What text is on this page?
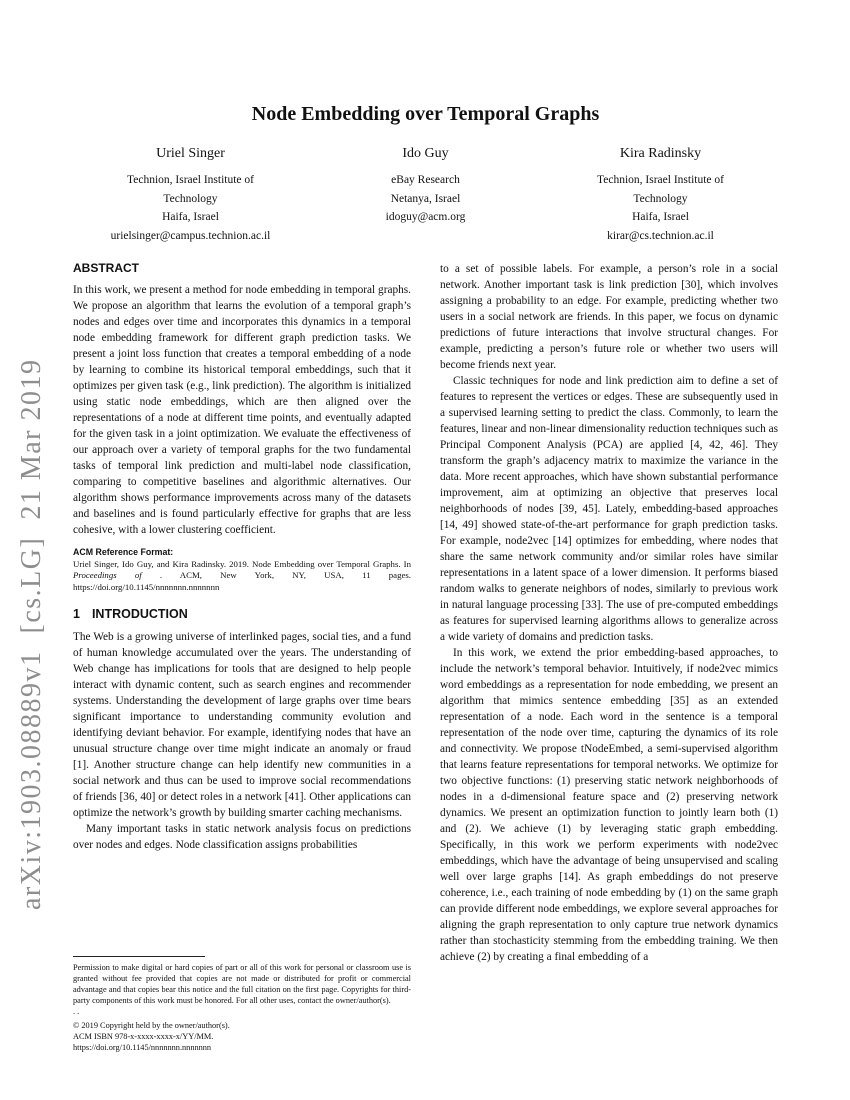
arXiv:1903.08889v1  [cs.LG]  21 Mar 2019
Node Embedding over Temporal Graphs
Uriel Singer
Technion, Israel Institute of
Technology
Haifa, Israel
urielsinger@campus.technion.ac.il
Ido Guy
eBay Research
Netanya, Israel
idoguy@acm.org
Kira Radinsky
Technion, Israel Institute of
Technology
Haifa, Israel
kirar@cs.technion.ac.il
ABSTRACT

In this work, we present a method for node embedding in temporal graphs. We propose an algorithm that learns the evolution of a temporal graph’s nodes and edges over time and incorporates this dynamics in a temporal node embedding framework for different graph prediction tasks. We present a joint loss function that creates a temporal embedding of a node by learning to combine its historical temporal embeddings, such that it optimizes per given task (e.g., link prediction). The algorithm is initialized using static node embeddings, which are then aligned over the representations of a node at different time points, and eventually adapted for the given task in a joint optimization. We evaluate the effectiveness of our approach over a variety of temporal graphs for the two fundamental tasks of temporal link prediction and multi-label node classification, comparing to competitive baselines and algorithmic alternatives. Our algorithm shows performance improvements across many of the datasets and baselines and is found particularly effective for graphs that are less cohesive, with a lower clustering coefficient.

ACM Reference Format:

Uriel Singer, Ido Guy, and Kira Radinsky. 2019. Node Embedding over Temporal Graphs. In Proceedings of . ACM, New York, NY, USA, 11 pages. https://doi.org/10.1145/nnnnnnn.nnnnnnn

1 INTRODUCTION

The Web is a growing universe of interlinked pages, social ties, and a fund of human knowledge accumulated over the years. The understanding of Web change has implications for tools that are designed to help people interact with dynamic content, such as search engines and recommender systems. Understanding the development of large graphs over time bears significant importance to understanding community evolution and identifying deviant behavior. For example, identifying nodes that have an unusual structure change over time might indicate an anomaly or fraud [1]. Another structure change can help identify new communities in a social network and thus can be used to improve social recommendations of friends [36, 40] or detect roles in a network [41]. Other applications can optimize the network’s growth by building smarter caching mechanisms.

Many important tasks in static network analysis focus on predictions over nodes and edges. Node classification assigns probabilities

Permission to make digital or hard copies of part or all of this work for personal or classroom use is granted without fee provided that copies are not made or distributed for profit or commercial advantage and that copies bear this notice and the full citation on the first page. Copyrights for third-party components of this work must be honored. For all other uses, contact the owner/author(s).

. .

© 2019 Copyright held by the owner/author(s).

ACM ISBN 978-x-xxxx-xxxx-x/YY/MM.

https://doi.org/10.1145/nnnnnnn.nnnnnnn

to a set of possible labels. For example, a person’s role in a social network. Another important task is link prediction [30], which involves assigning a probability to an edge. For example, predicting whether two users in a social network are friends. In this paper, we focus on dynamic predictions of future interactions that involve structural changes. For example, predicting a person’s future role or whether two users will become friends next year.

Classic techniques for node and link prediction aim to define a set of features to represent the vertices or edges. These are subsequently used in a supervised learning setting to predict the class. Commonly, to learn the features, linear and non-linear dimensionality reduction techniques such as Principal Component Analysis (PCA) are applied [4, 42, 46]. They transform the graph’s adjacency matrix to maximize the variance in the data. More recent approaches, which have shown substantial performance improvement, aim at optimizing an objective that preserves local neighborhoods of nodes [39, 45]. Lately, embedding-based approaches [14, 49] showed state-of-the-art performance for graph prediction tasks. For example, node2vec [14] optimizes for embedding, where nodes that share the same network community and/or similar roles have similar representations in a latent space of a lower dimension. It performs biased random walks to generate neighbors of nodes, similarly to previous work in natural language processing [33]. The use of pre-computed embeddings as features for supervised learning algorithms allows to generalize across a wide variety of domains and prediction tasks.

In this work, we extend the prior embedding-based approaches, to include the network’s temporal behavior. Intuitively, if node2vec mimics word embeddings as a representation for node embedding, we present an algorithm that mimics sentence embedding [35] as an extended representation of a node. Each word in the sentence is a temporal representation of the node over time, capturing the dynamics of its role and connectivity. We propose tNodeEmbed, a semi-supervised algorithm that learns feature representations for temporal networks. We optimize for two objective functions: (1) preserving static network neighborhoods of nodes in a d-dimensional feature space and (2) preserving network dynamics. We present an optimization function to jointly learn both (1) and (2). We achieve (1) by leveraging static graph embedding. Specifically, in this work we perform experiments with node2vec embeddings, which have the advantage of being unsupervised and scaling well over large graphs [14]. As graph embeddings do not preserve coherence, i.e., each training of node embedding by (1) on the same graph can provide different node embeddings, we explore several approaches for aligning the graph representation to only capture true network dynamics rather than stochasticity stemming from the embedding training. We then achieve (2) by creating a final embedding of a
